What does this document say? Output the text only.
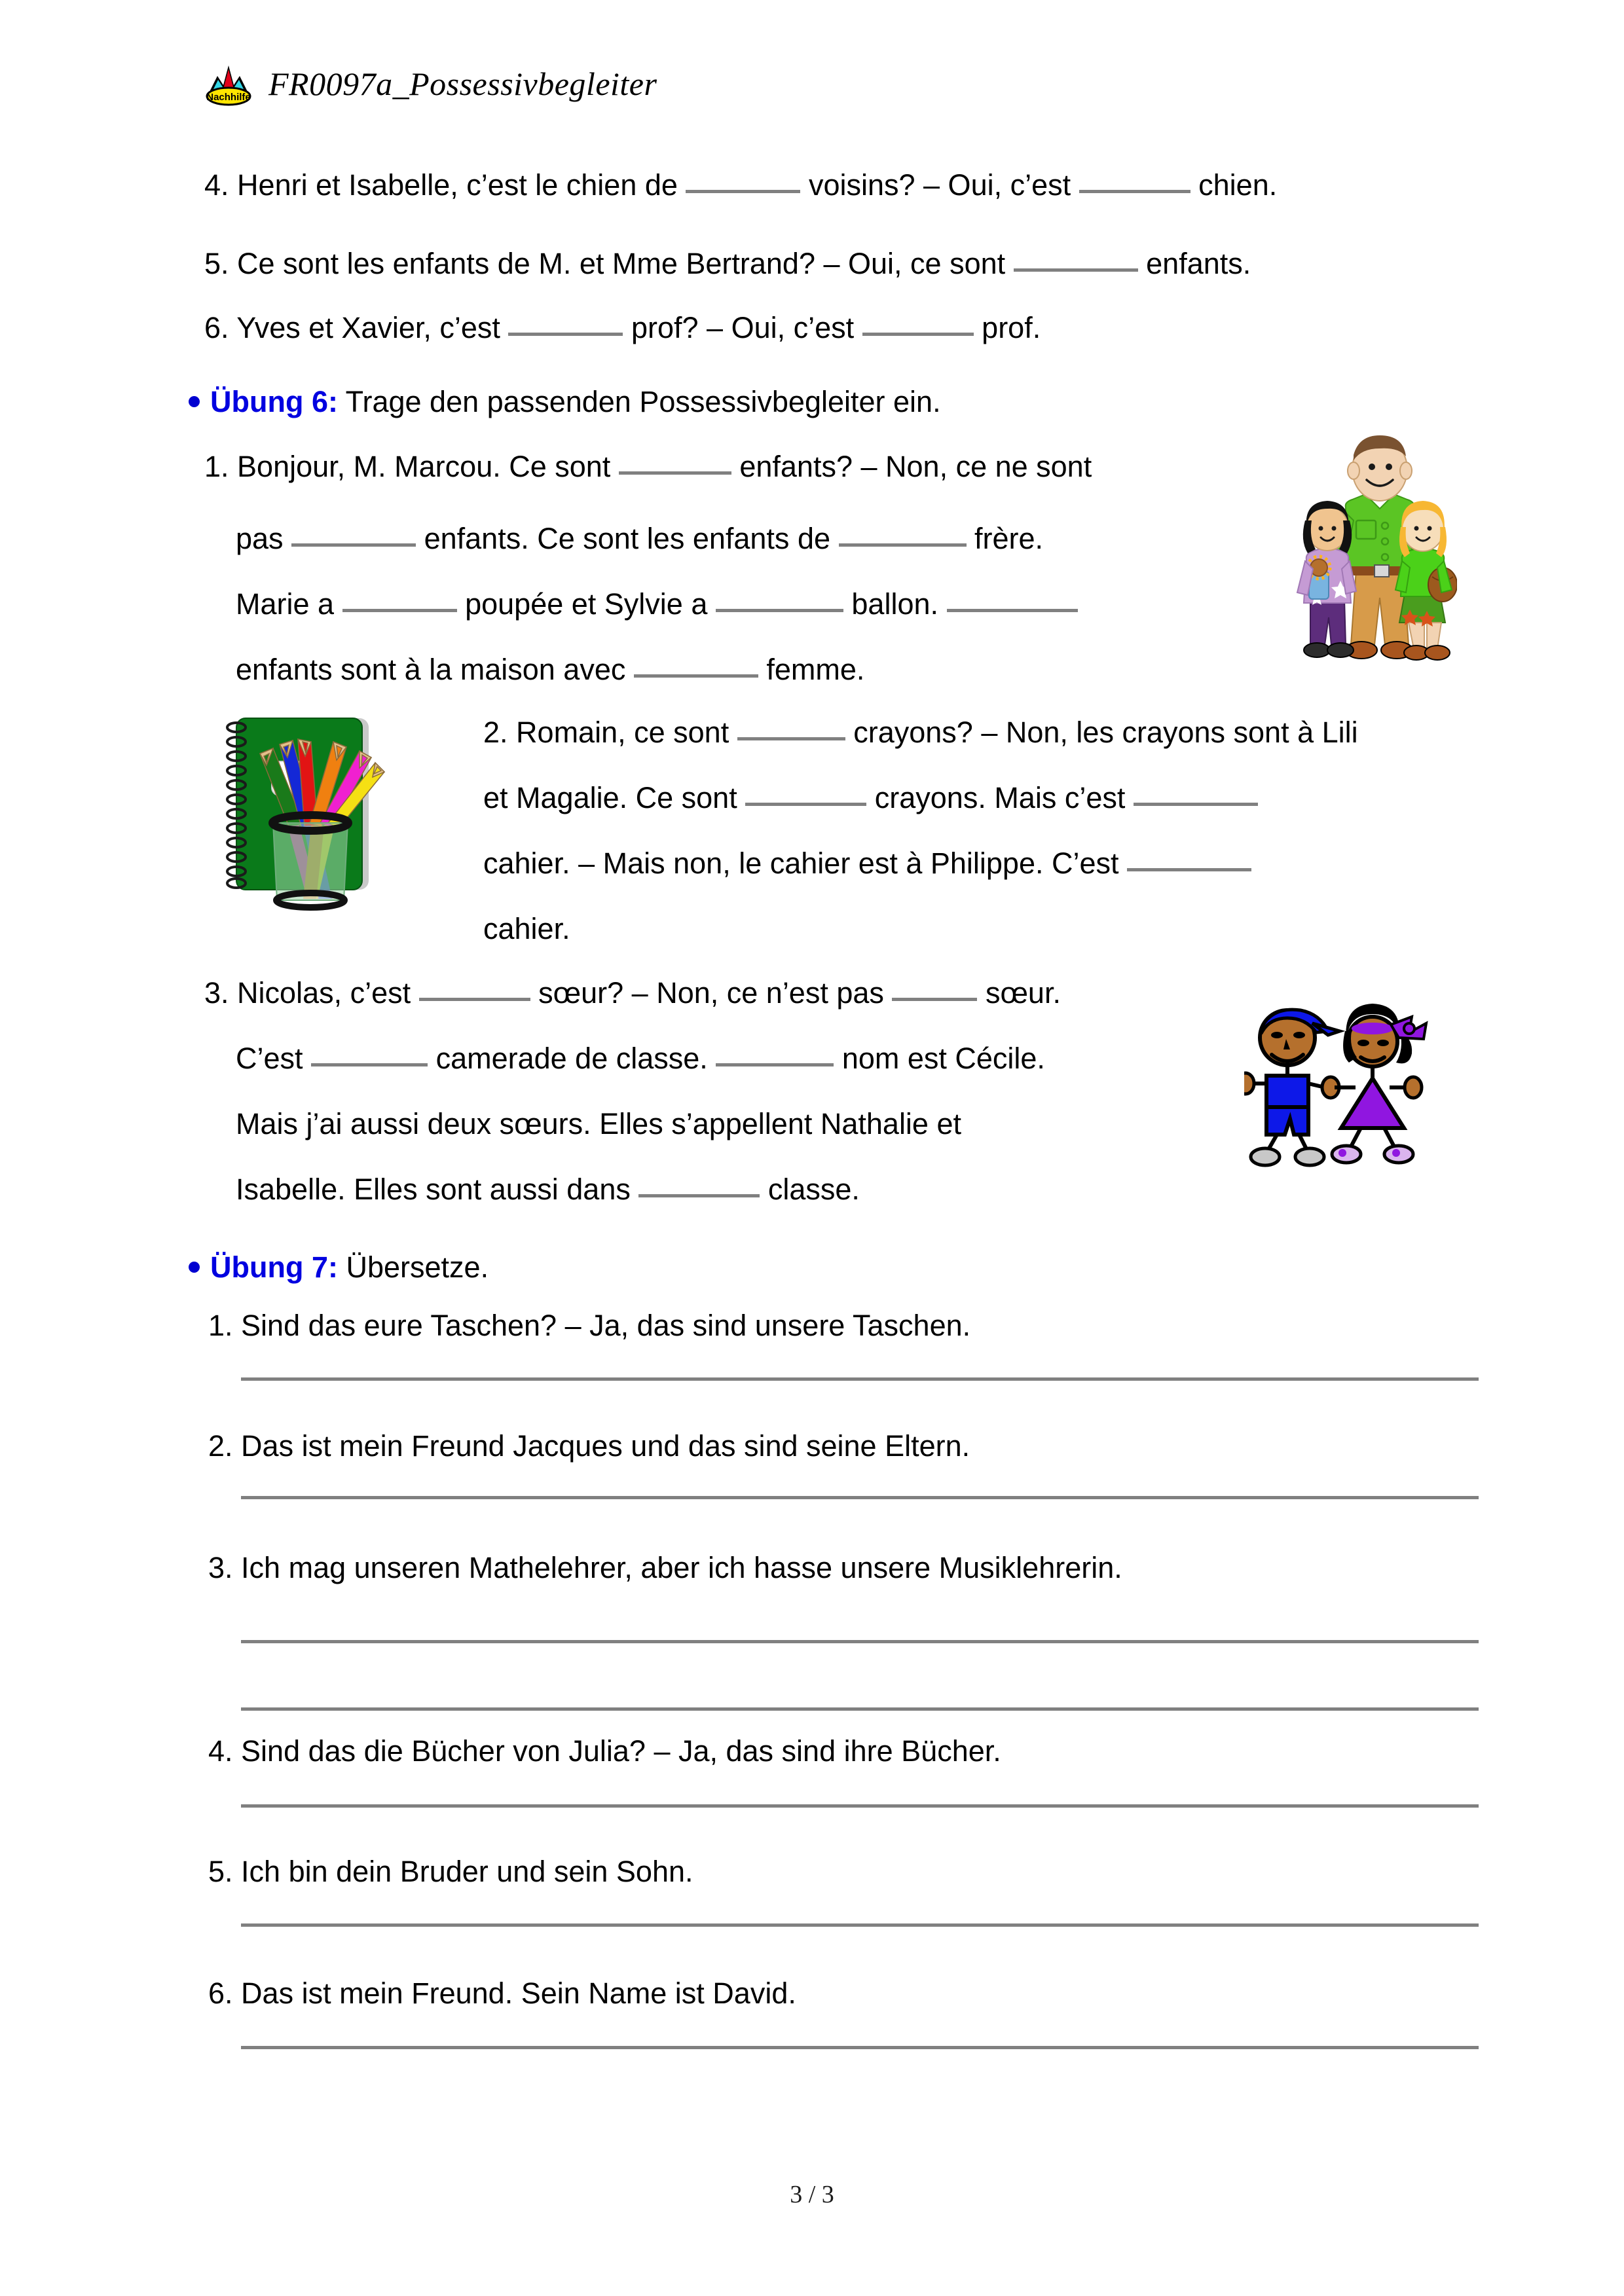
Nachhilfe FR0097a_Possessivbegleiter
4. Henri et Isabelle, c’est le chien de	voisins? – Oui, c’est	chien.
5. Ce sont les enfants de M. et Mme Bertrand? – Oui, ce sont	enfants.
6. Yves et Xavier, c’est	prof? – Oui, c’est	prof.
Übung 6: Trage den passenden Possessivbegleiter ein.
1. Bonjour, M. Marcou. Ce sont	enfants? – Non, ce ne sont
pas	enfants. Ce sont les enfants de	frère.
Marie a	poupée et Sylvie a	ballon.
enfants sont à la maison avec	femme.
2. Romain, ce sont	crayons? – Non, les crayons sont à Lili
et Magalie. Ce sont	crayons. Mais c’est
cahier. – Mais non, le cahier est à Philippe. C’est
cahier.
3. Nicolas, c’est	sœur? – Non, ce n’est pas	sœur.
C’est	camerade de classe.	nom est Cécile.
Mais j’ai aussi deux sœurs. Elles s’appellent Nathalie et
Isabelle. Elles sont aussi dans	classe.
Übung 7: Übersetze.
1. Sind das eure Taschen? – Ja, das sind unsere Taschen.
2. Das ist mein Freund Jacques und das sind seine Eltern.
3. Ich mag unseren Mathelehrer, aber ich hasse unsere Musiklehrerin.
4. Sind das die Bücher von Julia? – Ja, das sind ihre Bücher.
5. Ich bin dein Bruder und sein Sohn.
6. Das ist mein Freund. Sein Name ist David.
3 / 3
